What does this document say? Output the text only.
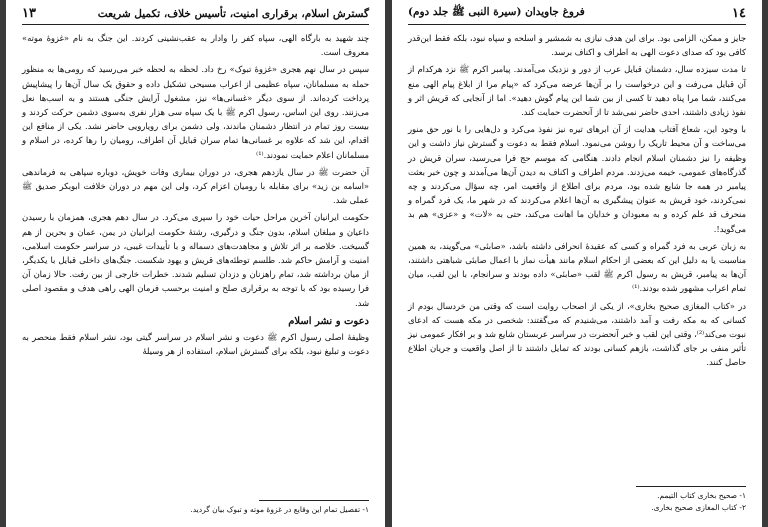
١٤
فروغ جاویدان (سیرة النبی ﷺ جلد دوم)

جایز و ممکن، الزامی بود. برای این هدف نیازی به شمشیر و اسلحه و سپاه نبود، بلکه فقط این‌قدر کافی بود که صدای دعوت الهی به اطراف و اکناف برسد.

تا مدت سیزده سال، دشمنان قبایل عرب از دور و نزدیک می‌آمدند. پیامبر اکرم ﷺ نزد هرکدام از آن قبایل می‌رفت و این درخواست را بر آن‌ها عرضه می‌کرد که «پیام مرا از ابلاغ پیام الهی منع می‌کنند، شما مرا پناه دهید تا کسی از بین شما این پیام گوش دهید». اما از آنجایی که قریش اثر و نفوذ زیادی داشتند، احدی حاضر نمی‌شد تا از آنحضرت حمایت کند.

با وجود این، شعاع آفتاب هدایت از آن ابرهای تیره نیز نفوذ می‌کرد و دل‌هایی را با نور حق منور می‌ساخت و آن محیط تاریک را روشن می‌نمود. اسلام فقط به دعوت و گسترش نیاز داشت و این وظیفه را نیز دشمنان اسلام انجام دادند. هنگامی که موسم حج فرا می‌رسید، سران قریش در گذرگاه‌های عمومی، خیمه می‌زدند. مردم اطراف و اکناف به دیدن آن‌ها می‌آمدند و چون خبر بعثت پیامبر در همه جا شایع شده بود، مردم برای اطلاع از واقعیت امر، چه سؤال می‌کردند و چه نمی‌کردند، خود قریش به عنوان پیشگیری به آن‌ها اعلام می‌کردند که در شهر ما، یک فرد گمراه و منحرف قد علم کرده و به معبودان و خدایان ما اهانت می‌کند، حتی به «لات» و «عزی» هم بد می‌گوید!.

به زبان عربی به فرد گمراه و کسی که عقیدهٔ انحرافی داشته باشد، «صابئی» می‌گویند، به همین مناسبت یا به دلیل این که بعضی از احکام اسلام مانند هیأت نماز با اعمال صابئی شباهتی داشتند، آن‌ها به پیامبر، قریش به رسول اکرم ﷺ لقب «صابئی» داده بودند و سرانجام، با این لقب، میان تمام اعراب مشهور شده بودند.⁽¹⁾

در «کتاب المغازی صحیح بخاری»، از یکی از اصحاب روایت است که وقتی من خردسال بودم از کسانی که به مکه رفت و آمد داشتند، می‌شنیدم که می‌گفتند: شخصی در مکه هست که ادعای نبوت می‌کند⁽²⁾، وقتی این لقب و خبر آنحضرت در سراسر عربستان شایع شد و بر افکار عمومی نیز تأثیر منفی بر جای گذاشت، بازهم کسانی بودند که تمایل داشتند تا از اصل واقعیت و جریان اطلاع حاصل کنند.

۱- صحیح بخاری کتاب التیمم.

۲- کتاب المغازی صحیح بخاری.

گسترش اسلام، برقراری امنیت، تأسیس خلاف، تکمیل شریعت
١٣

چند شهید به بارگاه الهی، سپاه کفر را وادار به عقب‌نشینی کردند. این جنگ به نام «غزوهٔ موته» معروف است.

سپس در سال نهم هجری «غزوهٔ تبوک» رخ داد. لحظه به لحظه خبر می‌رسید که رومی‌ها به منظور حمله به مسلمانان، سپاه عظیمی از اعراب مسیحی تشکیل داده و حقوق یک سال آن‌ها را پیشاپیش پرداخت کرده‌اند. از سوی دیگر «غسانی‌ها» نیز، مشغول آرایش جنگی هستند و به اسب‌ها نعل می‌زنند. روی این اساس، رسول اکرم ﷺ با یک سپاه سی هزار نفری به‌سوی دشمن حرکت کردند و بیست روز تمام در انتظار دشمنان ماندند، ولی دشمن برای رویارویی حاضر نشد. یکی از منافع این اقدام، این شد که علاوه بر غسانی‌ها تمام سران قبایل آن اطراف، رومیان را رها کرده، در اسلام و مسلمانان اعلام حمایت نمودند.⁽¹⁾

آن حضرت ﷺ در سال یازدهم هجری، در دوران بیماری وفات خویش، دوباره سپاهی به فرماندهی «اسامه بن زید» برای مقابله با رومیان اعزام کرد، ولی این مهم در دوران خلافت ابوبکر صدیق ﷺ عملی شد.

حکومت ایرانیان آخرین مراحل حیات خود را سپری می‌کرد. در سال دهم هجری، همزمان با رسیدن داعیان و مبلغان اسلام، بدون جنگ و درگیری، رشتهٔ حکومت ایرانیان در یمن، عمان و بحرین از هم گسیخت. خلاصه بر اثر تلاش و مجاهدت‌های دسماله و با تأییدات غیبی، در سراسر حکومت اسلامی، امنیت و آرامش حاکم شد. طلسم توطئه‌های قریش و یهود شکست. جنگ‌های داخلی قبایل با یکدیگر، از میان برداشته شد، تمام راهزنان و دزدان تسلیم شدند. خطرات خارجی از بین رفت. حالا زمان آن فرا رسیده بود که با توجه به برقراری صلح و امنیت برحسب فرمان الهی راهی هدف و مقصود اصلی شد.

دعوت و نشر اسلام

وظیفهٔ اصلی رسول اکرم ﷺ دعوت و نشر اسلام در سراسر گیتی بود، نشر اسلام فقط منحصر به دعوت و تبلیغ نبود، بلکه برای گسترش اسلام، استفاده از هر وسیلهٔ

۱- تفصیل تمام این وقایع در غزوهٔ موته و تبوک بیان گردید.
